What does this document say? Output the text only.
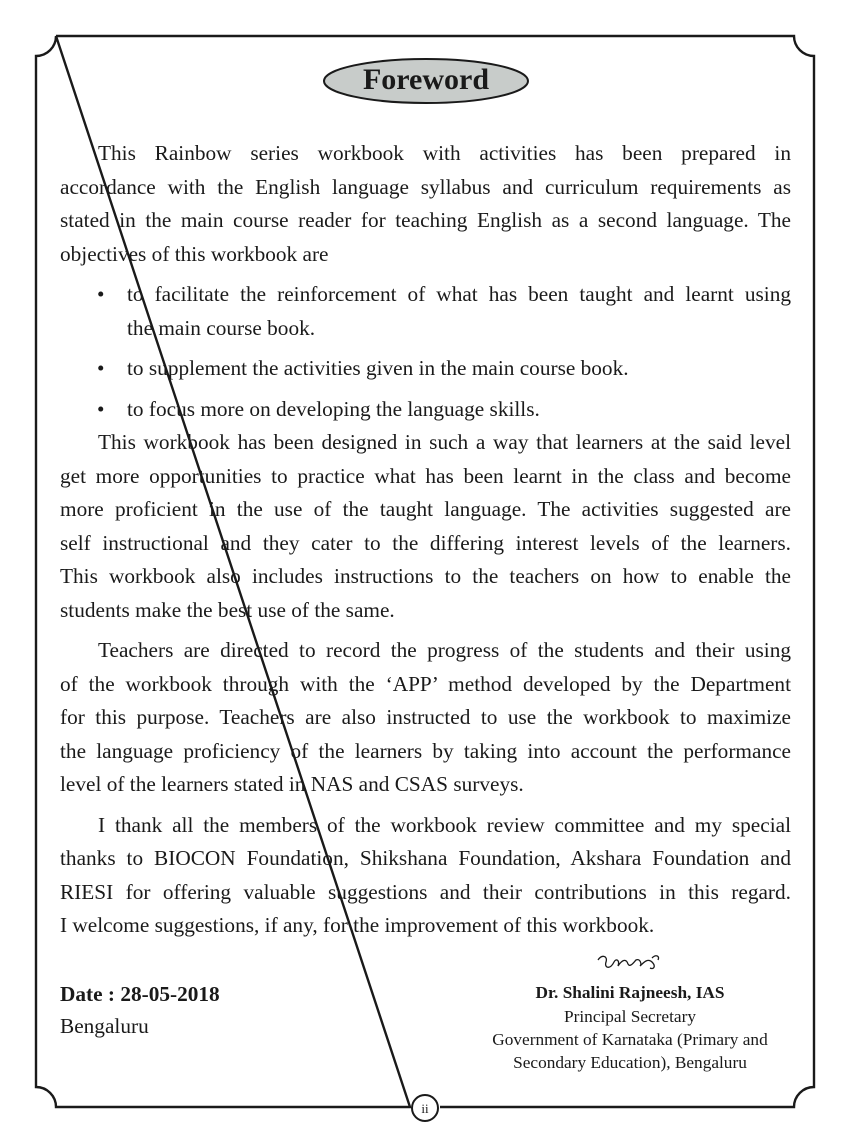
Foreword
This Rainbow series workbook with activities has been prepared in
accordance with the English language syllabus and curriculum requirements as
stated in the main course reader for teaching English as a second language. The
objectives of this workbook are
• to facilitate the reinforcement of what has been taught and learnt using
the main course book.
• to supplement the activities given in the main course book.
• to focus more on developing the language skills.
This workbook has been designed in such a way that learners at the said level
get more opportunities to practice what has been learnt in the class and become
more proficient in the use of the taught language. The activities suggested are
self instructional and they cater to the differing interest levels of the learners.
This workbook also includes instructions to the teachers on how to enable the
students make the best use of the same.
Teachers are directed to record the progress of the students and their using
of the workbook through with the ‘APP’ method developed by the Department
for this purpose. Teachers are also instructed to use the workbook to maximize
the language proficiency of the learners by taking into account the performance
level of the learners stated in NAS and CSAS surveys.
I thank all the members of the workbook review committee and my special
thanks to BIOCON Foundation, Shikshana Foundation, Akshara Foundation and
RIESI for offering valuable suggestions and their contributions in this regard.
I welcome suggestions, if any, for the improvement of this workbook.
Date : 28-05-2018
Bengaluru
Dr. Shalini Rajneesh, IAS
Principal Secretary
Government of Karnataka (Primary and
Secondary Education), Bengaluru
ii
